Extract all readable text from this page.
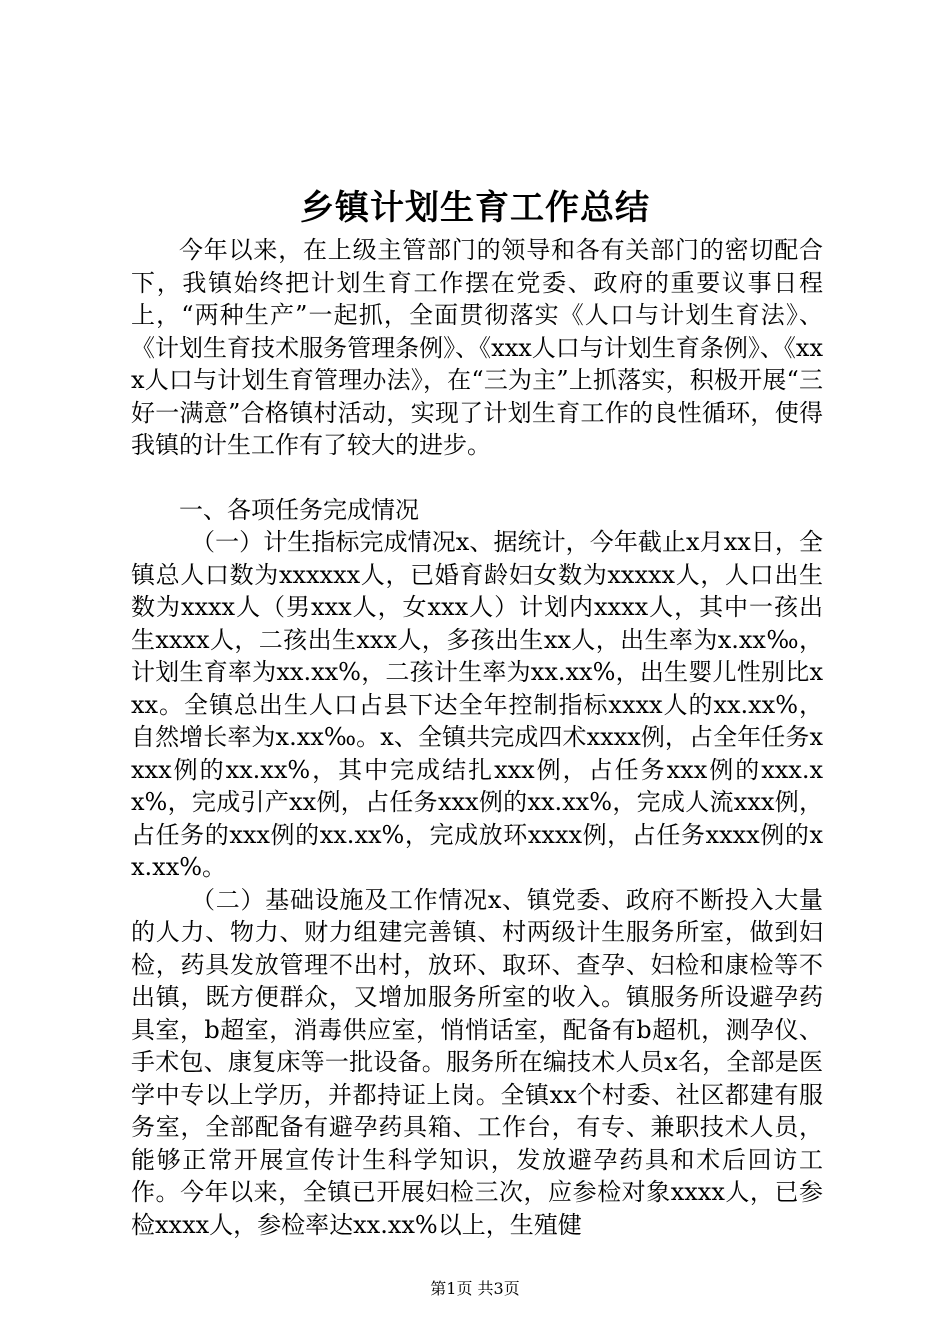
乡镇计划生育工作总结

今年以来，在上级主管部门的领导和各有关部门的密切配合下，我镇始终把计划生育工作摆在党委、政府的重要议事日程上，“两种生产”一起抓，全面贯彻落实《人口与计划生育法》、《计划生育技术服务管理条例》、《xxx人口与计划生育条例》、《xxx人口与计划生育管理办法》，在“三为主”上抓落实，积极开展“三好一满意”合格镇村活动，实现了计划生育工作的良性循环，使得我镇的计生工作有了较大的进步。

一、各项任务完成情况

（一）计生指标完成情况x、据统计，今年截止x月xx日，全镇总人口数为xxxxxx人，已婚育龄妇女数为xxxxx人，人口出生数为xxxx人（男xxx人，女xxx人）计划内xxxx人，其中一孩出生xxxx人，二孩出生xxx人，多孩出生xx人，出生率为x.xx‰，计划生育率为xx.xx%，二孩计生率为xx.xx%，出生婴儿性别比xxx。全镇总出生人口占县下达全年控制指标xxxx人的xx.xx%，自然增长率为x.xx‰。x、全镇共完成四术xxxx例，占全年任务xxxx例的xx.xx%，其中完成结扎xxx例，占任务xxx例的xxx.xx%，完成引产xx例，占任务xxx例的xx.xx%，完成人流xxx例，占任务的xxx例的xx.xx%，完成放环xxxx例，占任务xxxx例的xx.xx%。

（二）基础设施及工作情况x、镇党委、政府不断投入大量的人力、物力、财力组建完善镇、村两级计生服务所室，做到妇检，药具发放管理不出村，放环、取环、查孕、妇检和康检等不出镇，既方便群众，又增加服务所室的收入。镇服务所设避孕药具室，b超室，消毒供应室，悄悄话室，配备有b超机，测孕仪、手术包、康复床等一批设备。服务所在编技术人员x名，全部是医学中专以上学历，并都持证上岗。全镇xx个村委、社区都建有服务室，全部配备有避孕药具箱、工作台，有专、兼职技术人员，能够正常开展宣传计生科学知识，发放避孕药具和术后回访工作。今年以来，全镇已开展妇检三次，应参检对象xxxx人，已参检xxxx人，参检率达xx.xx%以上，生殖健

第1页 共3页
